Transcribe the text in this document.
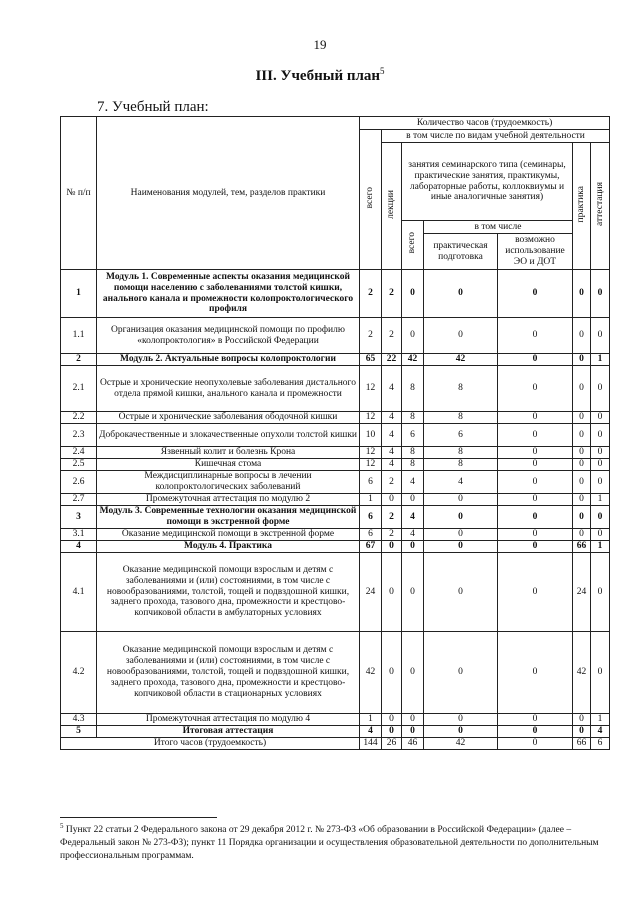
19
III. Учебный план$^5$
7. Учебный план:
№ п/п	Наименования модулей, тем, разделов практики	Количество часов (трудоемкость)						
		всего	в том числе по видам учебной деятельности					
			лекции	занятия семинарского типа (семинары, практические занятия, практикумы, лабораторные работы, коллоквиумы и иные аналогичные занятия)			практика	аттестация
				всего	в том числе			
					практическая подготовка	возможно использование ЭО и ДОТ		
1	Модуль 1. Современные аспекты оказания медицинской помощи населению с заболеваниями толстой кишки, анального канала и промежности колопроктологического профиля	2	2	0	0	0	0	0
1.1	Организация оказания медицинской помощи по профилю «колопроктология» в Российской Федерации	2	2	0	0	0	0	0
2	Модуль 2. Актуальные вопросы колопроктологии	65	22	42	42	0	0	1
2.1	Острые и хронические неопухолевые заболевания дистального отдела прямой кишки, анального канала и промежности	12	4	8	8	0	0	0
2.2	Острые и хронические заболевания ободочной кишки	12	4	8	8	0	0	0
2.3	Доброкачественные и злокачественные опухоли толстой кишки	10	4	6	6	0	0	0
2.4	Язвенный колит и болезнь Крона	12	4	8	8	0	0	0
2.5	Кишечная стома	12	4	8	8	0	0	0
2.6	Междисциплинарные вопросы в лечении колопроктологических заболеваний	6	2	4	4	0	0	0
2.7	Промежуточная аттестация по модулю 2	1	0	0	0	0	0	1
3	Модуль 3. Современные технологии оказания медицинской помощи в экстренной форме	6	2	4	0	0	0	0
3.1	Оказание медицинской помощи в экстренной форме	6	2	4	0	0	0	0
4	Модуль 4. Практика	67	0	0	0	0	66	1
4.1	Оказание медицинской помощи взрослым и детям с заболеваниями и (или) состояниями, в том числе с новообразованиями, толстой, тощей и подвздошной кишки, заднего прохода, тазового дна, промежности и крестцово-копчиковой области в амбулаторных условиях	24	0	0	0	0	24	0
4.2	Оказание медицинской помощи взрослым и детям с заболеваниями и (или) состояниями, в том числе с новообразованиями, толстой, тощей и подвздошной кишки, заднего прохода, тазового дна, промежности и крестцово-копчиковой области в стационарных условиях	42	0	0	0	0	42	0
4.3	Промежуточная аттестация по модулю 4	1	0	0	0	0	0	1
5	Итоговая аттестация	4	0	0	0	0	0	4
Итого часов (трудоемкость)		144	26	46	42	0	66	6
$^5$ Пункт 22 статьи 2 Федерального закона от 29 декабря 2012 г. № 273-ФЗ «Об образовании в Российской Федерации» (далее – Федеральный закон № 273-ФЗ); пункт 11 Порядка организации и осуществления образовательной деятельности по дополнительным профессиональным программам.
